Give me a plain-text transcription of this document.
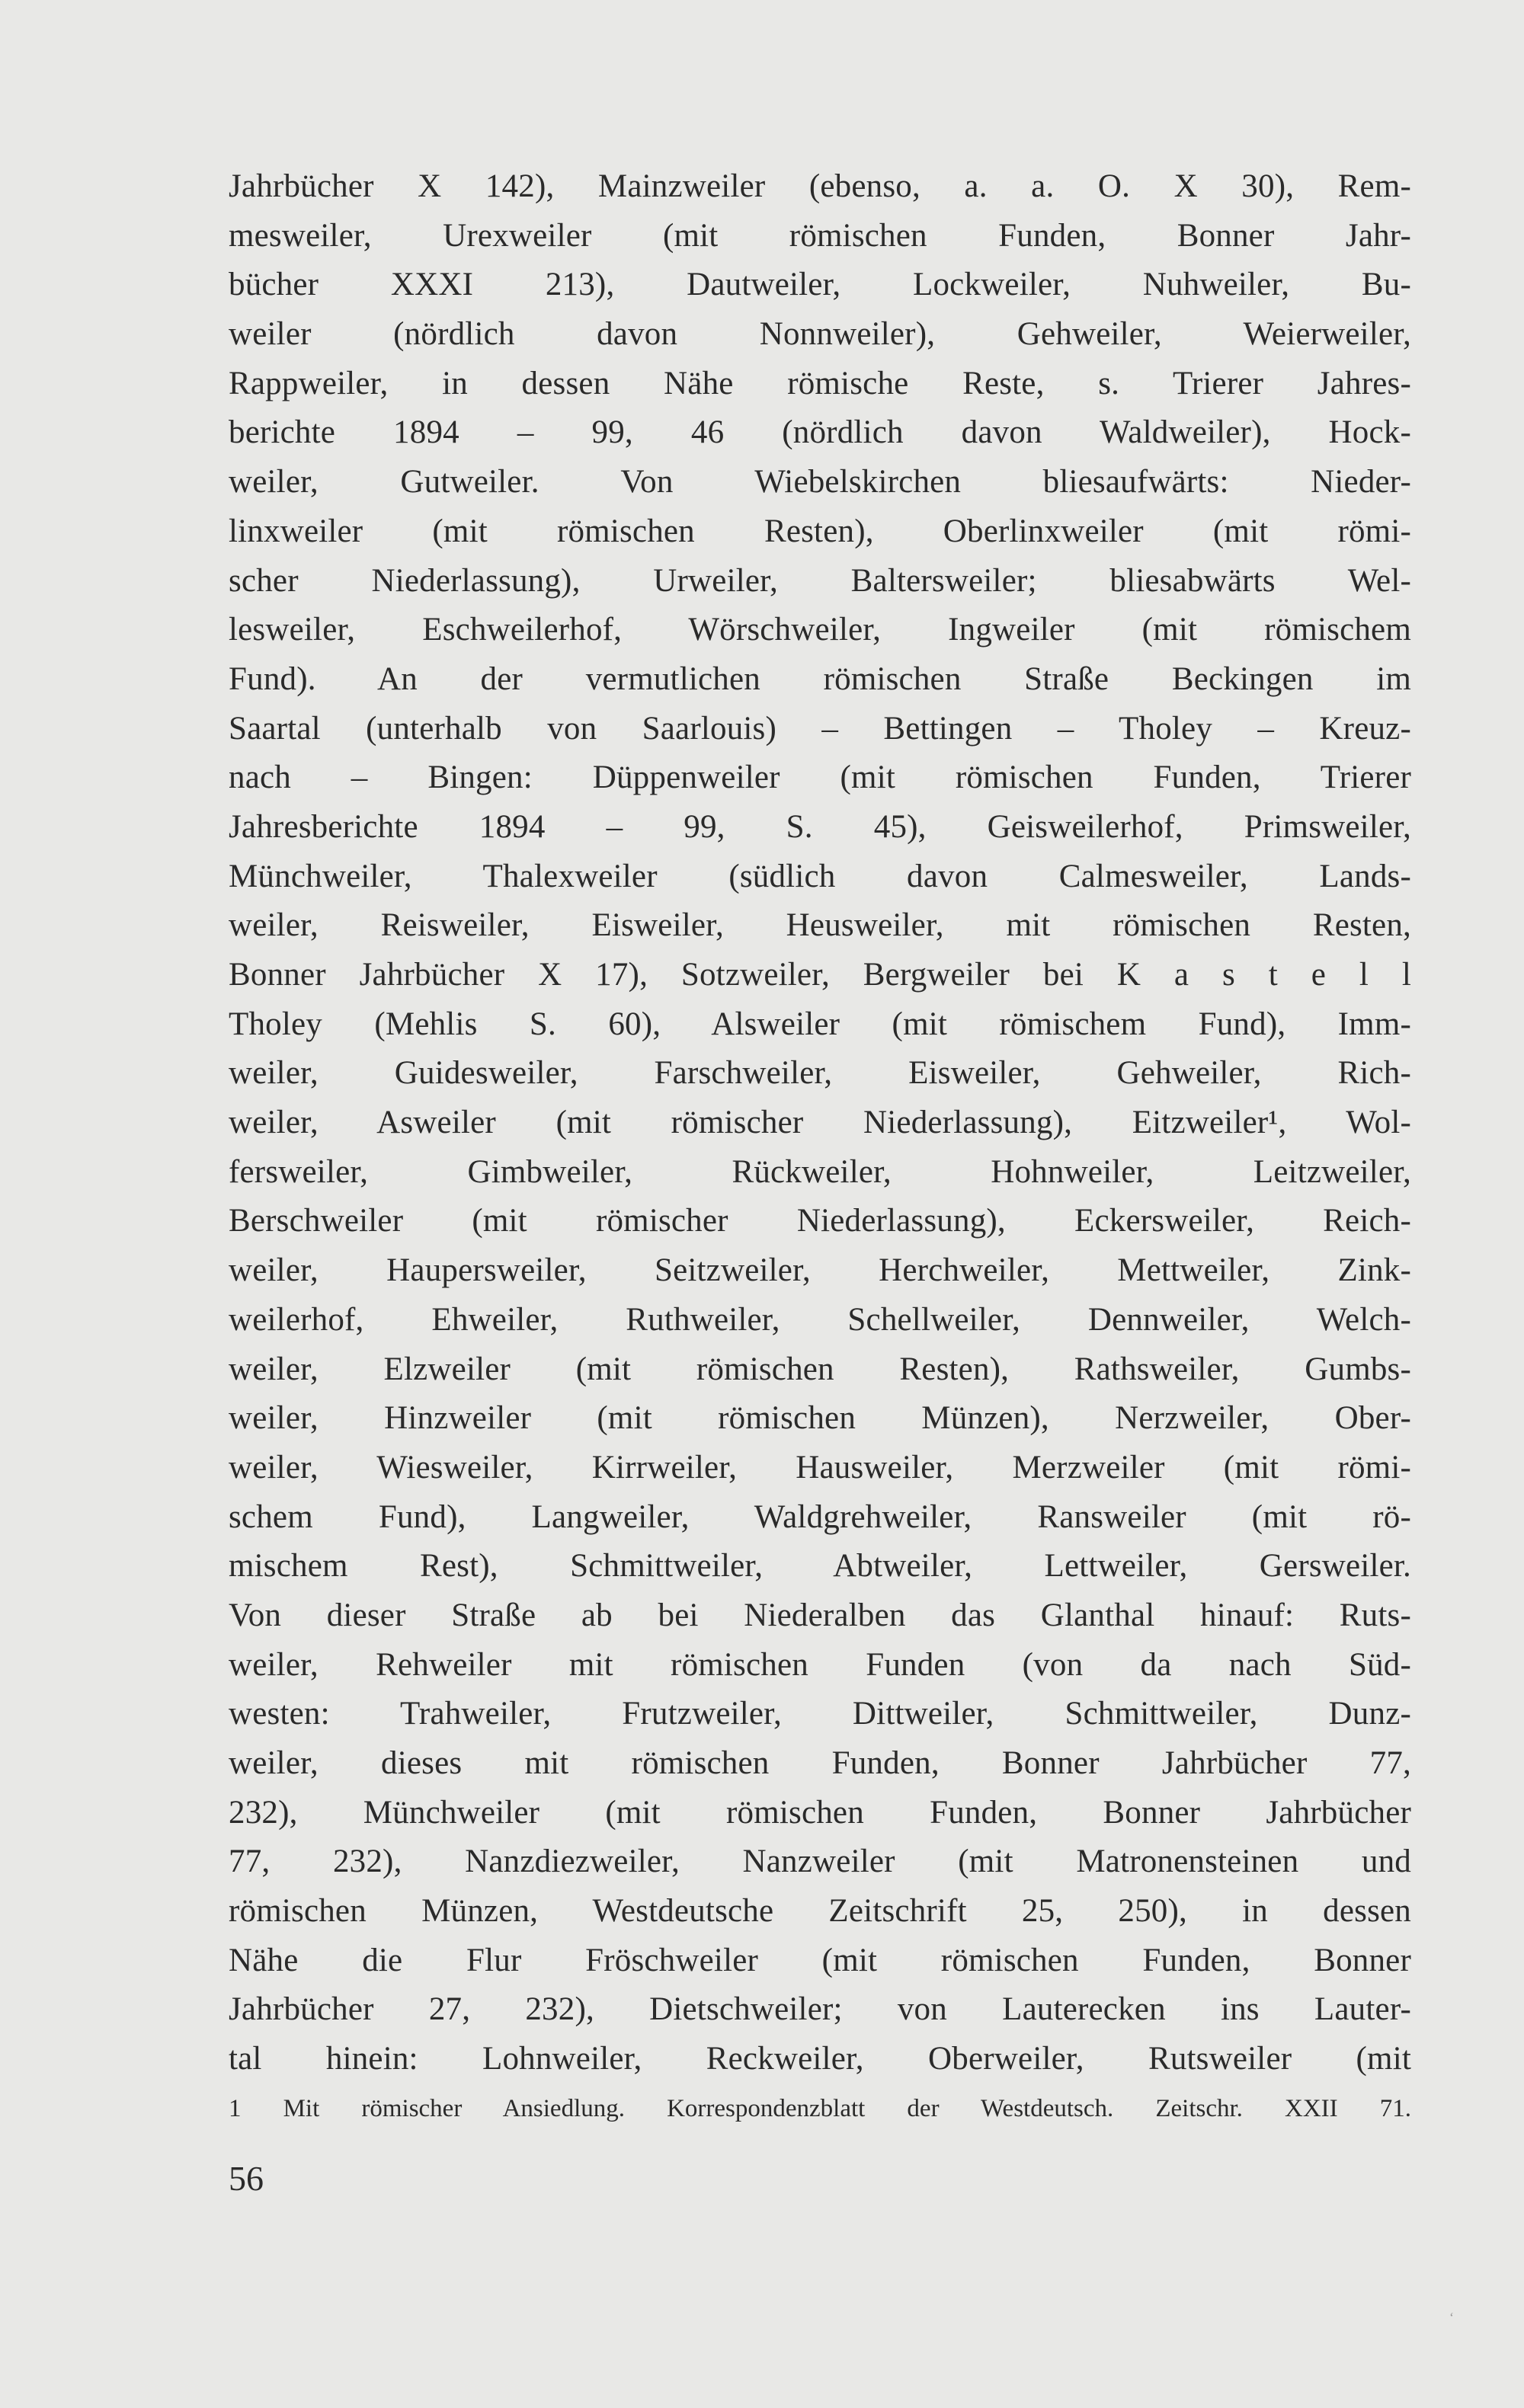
Jahrbücher X 142), Mainzweiler (ebenso, a. a. O. X 30), Rem-
mesweiler, Urexweiler (mit römischen Funden, Bonner Jahr-
bücher XXXI 213), Dautweiler, Lockweiler, Nuhweiler, Bu-
weiler (nördlich davon Nonnweiler), Gehweiler, Weierweiler,
Rappweiler, in dessen Nähe römische Reste, s. Trierer Jahres-
berichte 1894 – 99, 46 (nördlich davon Waldweiler), Hock-
weiler, Gutweiler. Von Wiebelskirchen bliesaufwärts: Nieder-
linxweiler (mit römischen Resten), Oberlinxweiler (mit römi-
scher Niederlassung), Urweiler, Baltersweiler; bliesabwärts Wel-
lesweiler, Eschweilerhof, Wörschweiler, Ingweiler (mit römischem
Fund). An der vermutlichen römischen Straße Beckingen im
Saartal (unterhalb von Saarlouis) – Bettingen – Tholey – Kreuz-
nach – Bingen: Düppenweiler (mit römischen Funden, Trierer
Jahresberichte 1894 – 99, S. 45), Geisweilerhof, Primsweiler,
Münchweiler, Thalexweiler (südlich davon Calmesweiler, Lands-
weiler, Reisweiler, Eisweiler, Heusweiler, mit römischen Resten,
Bonner Jahrbücher X 17), Sotzweiler, Bergweiler bei K a s t e l l
Tholey (Mehlis S. 60), Alsweiler (mit römischem Fund), Imm-
weiler, Guidesweiler, Farschweiler, Eisweiler, Gehweiler, Rich-
weiler, Asweiler (mit römischer Niederlassung), Eitzweiler¹, Wol-
fersweiler, Gimbweiler, Rückweiler, Hohnweiler, Leitzweiler,
Berschweiler (mit römischer Niederlassung), Eckersweiler, Reich-
weiler, Haupersweiler, Seitzweiler, Herchweiler, Mettweiler, Zink-
weilerhof, Ehweiler, Ruthweiler, Schellweiler, Dennweiler, Welch-
weiler, Elzweiler (mit römischen Resten), Rathsweiler, Gumbs-
weiler, Hinzweiler (mit römischen Münzen), Nerzweiler, Ober-
weiler, Wiesweiler, Kirrweiler, Hausweiler, Merzweiler (mit römi-
schem Fund), Langweiler, Waldgrehweiler, Ransweiler (mit rö-
mischem Rest), Schmittweiler, Abtweiler, Lettweiler, Gersweiler.
Von dieser Straße ab bei Niederalben das Glanthal hinauf: Ruts-
weiler, Rehweiler mit römischen Funden (von da nach Süd-
westen: Trahweiler, Frutzweiler, Dittweiler, Schmittweiler, Dunz-
weiler, dieses mit römischen Funden, Bonner Jahrbücher 77,
232), Münchweiler (mit römischen Funden, Bonner Jahrbücher
77, 232), Nanzdiezweiler, Nanzweiler (mit Matronensteinen und
römischen Münzen, Westdeutsche Zeitschrift 25, 250), in dessen
Nähe die Flur Fröschweiler (mit römischen Funden, Bonner
Jahrbücher 27, 232), Dietschweiler; von Lauterecken ins Lauter-
tal hinein: Lohnweiler, Reckweiler, Oberweiler, Rutsweiler (mit
1 Mit römischer Ansiedlung. Korrespondenzblatt der Westdeutsch. Zeitschr. XXII 71.
56
‘
